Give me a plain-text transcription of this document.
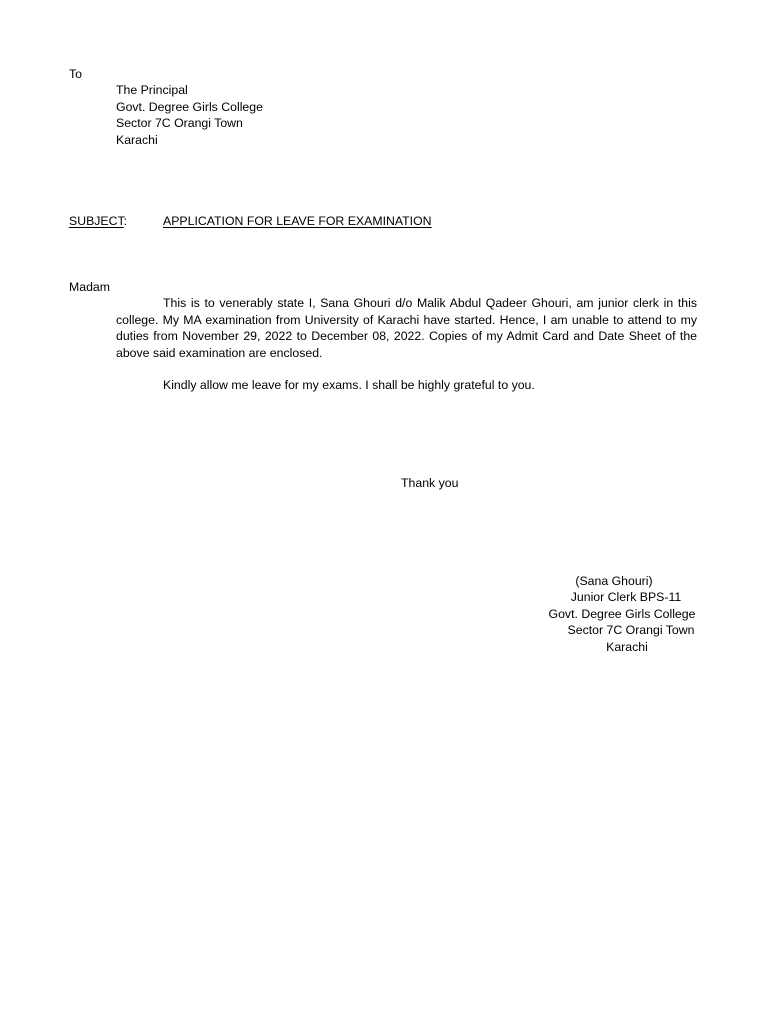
To
The Principal
Govt. Degree Girls College
Sector 7C Orangi Town
Karachi
SUBJECT:	APPLICATION FOR LEAVE FOR EXAMINATION
Madam

This is to venerably state I, Sana Ghouri d/o Malik Abdul Qadeer Ghouri, am junior clerk in this college. My MA examination from University of Karachi have started. Hence, I am unable to attend to my duties from November 29, 2022 to December 08, 2022. Copies of my Admit Card and Date Sheet of the above said examination are enclosed.

Kindly allow me leave for my exams. I shall be highly grateful to you.
Thank you
(Sana Ghouri)
Junior Clerk BPS-11
Govt. Degree Girls College
Sector 7C Orangi Town
Karachi
